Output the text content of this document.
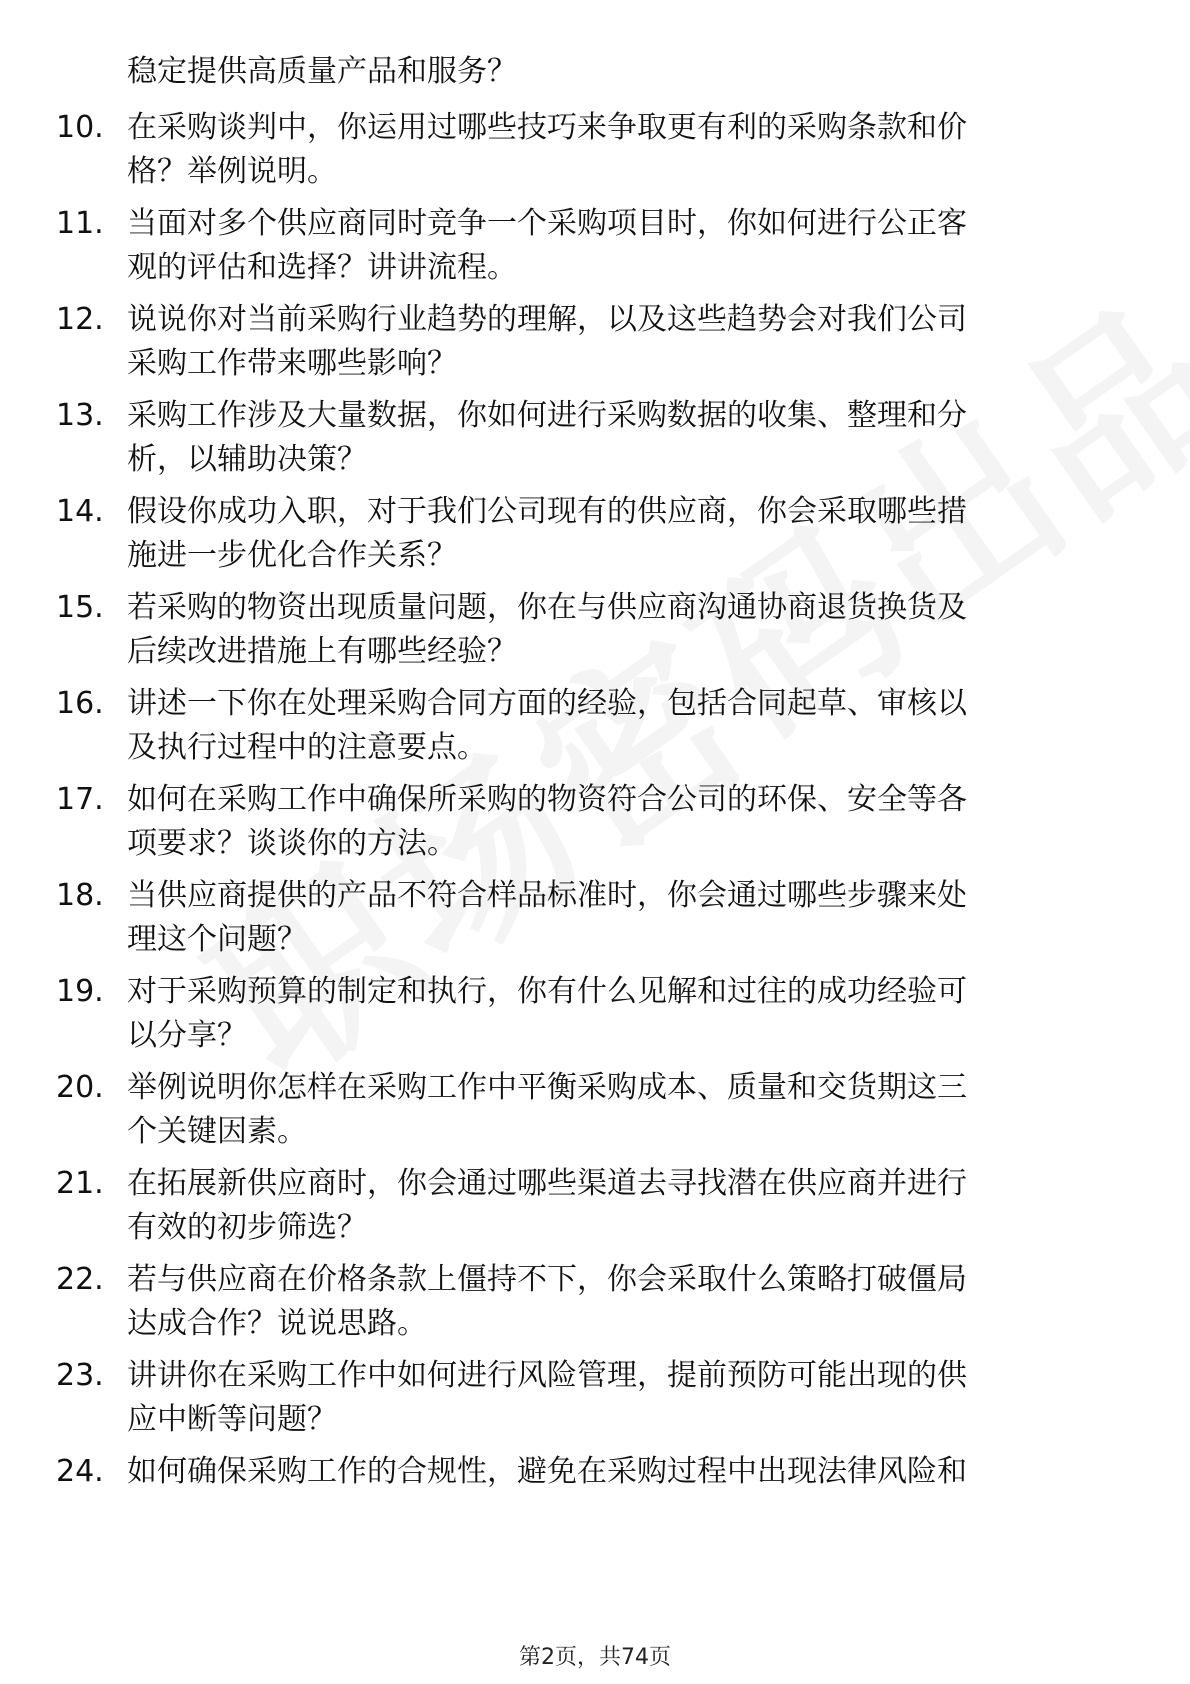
稳定提供高质量产品和服务？
10. 在采购谈判中，你运用过哪些技巧来争取更有利的采购条款和价
格？举例说明。
11. 当面对多个供应商同时竞争一个采购项目时，你如何进行公正客
观的评估和选择？讲讲流程。
12. 说说你对当前采购行业趋势的理解，以及这些趋势会对我们公司
采购工作带来哪些影响？
13. 采购工作涉及大量数据，你如何进行采购数据的收集、整理和分
析，以辅助决策？
14. 假设你成功入职，对于我们公司现有的供应商，你会采取哪些措
施进一步优化合作关系？
15. 若采购的物资出现质量问题，你在与供应商沟通协商退货换货及
后续改进措施上有哪些经验？
16. 讲述一下你在处理采购合同方面的经验，包括合同起草、审核以
及执行过程中的注意要点。
17. 如何在采购工作中确保所采购的物资符合公司的环保、安全等各
项要求？谈谈你的方法。
18. 当供应商提供的产品不符合样品标准时，你会通过哪些步骤来处
理这个问题？
19. 对于采购预算的制定和执行，你有什么见解和过往的成功经验可
以分享？
20. 举例说明你怎样在采购工作中平衡采购成本、质量和交货期这三
个关键因素。
21. 在拓展新供应商时，你会通过哪些渠道去寻找潜在供应商并进行
有效的初步筛选？
22. 若与供应商在价格条款上僵持不下，你会采取什么策略打破僵局
达成合作？说说思路。
23. 讲讲你在采购工作中如何进行风险管理，提前预防可能出现的供
应中断等问题？
24. 如何确保采购工作的合规性，避免在采购过程中出现法律风险和
第2页，共74页
